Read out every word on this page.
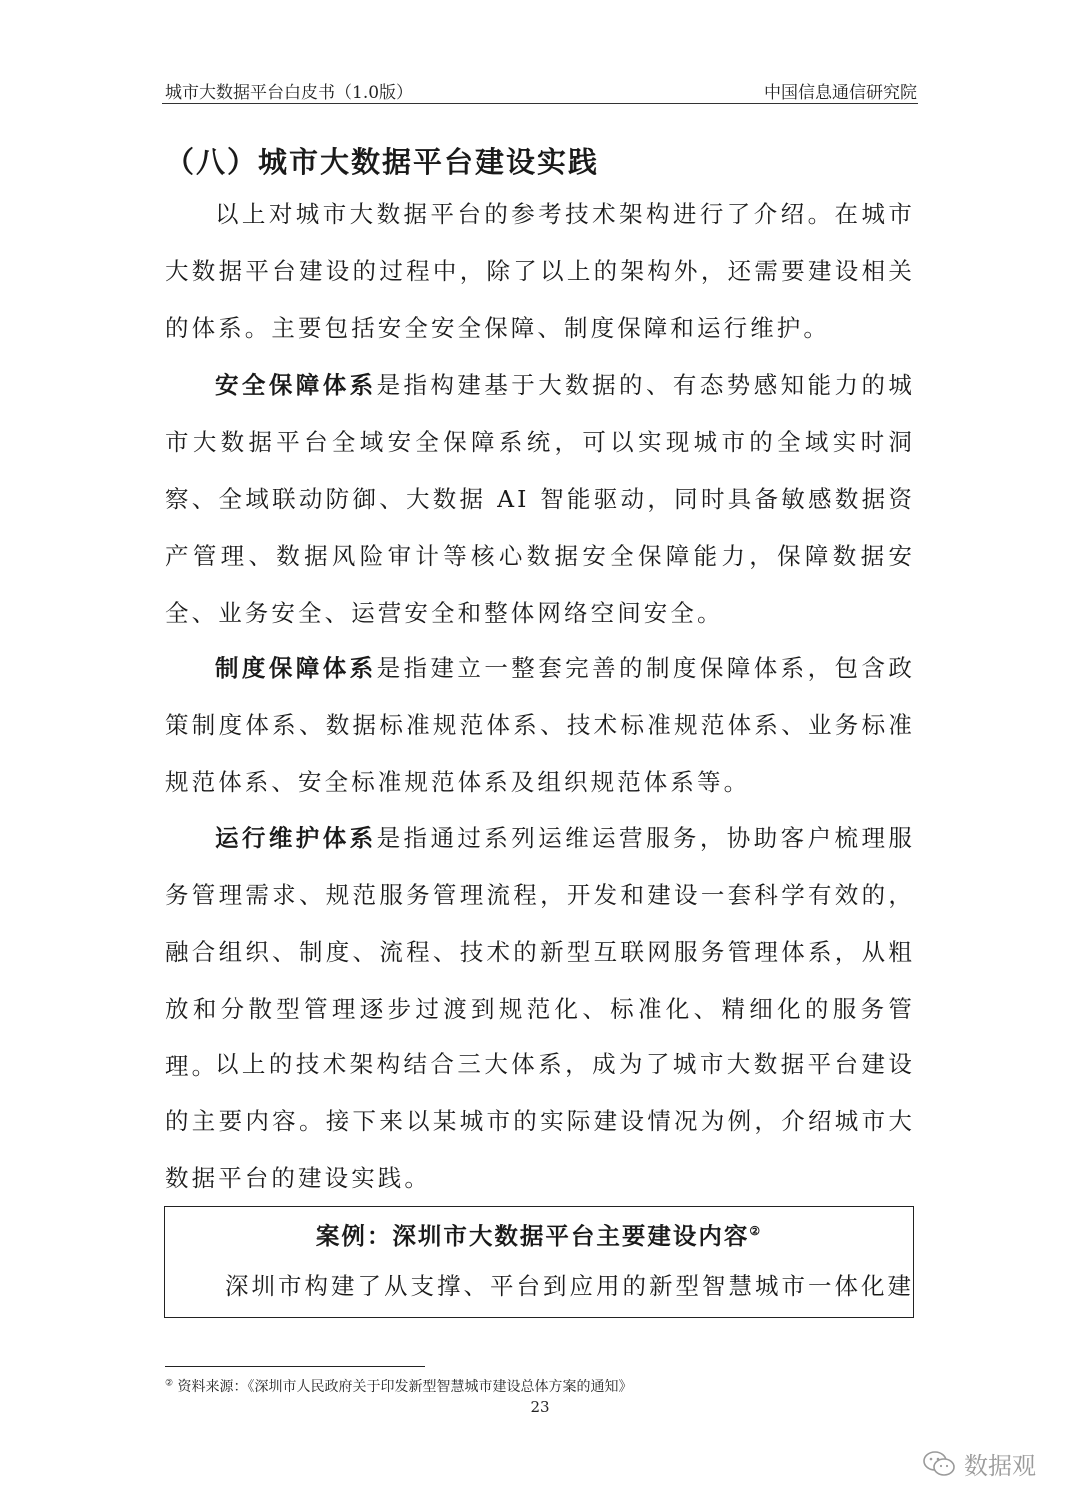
城市大数据平台白皮书（1.0版）	中国信息通信研究院
（八）城市大数据平台建设实践

以上对城市大数据平台的参考技术架构进行了介绍。在城市大数据平台建设的过程中，除了以上的架构外，还需要建设相关的体系。主要包括安全安全保障、制度保障和运行维护。

安全保障体系是指构建基于大数据的、有态势感知能力的城市大数据平台全域安全保障系统，可以实现城市的全域实时洞察、全域联动防御、大数据 AI 智能驱动，同时具备敏感数据资产管理、数据风险审计等核心数据安全保障能力，保障数据安全、业务安全、运营安全和整体网络空间安全。

制度保障体系是指建立一整套完善的制度保障体系，包含政策制度体系、数据标准规范体系、技术标准规范体系、业务标准规范体系、安全标准规范体系及组织规范体系等。

运行维护体系是指通过系列运维运营服务，协助客户梳理服务管理需求、规范服务管理流程，开发和建设一套科学有效的，融合组织、制度、流程、技术的新型互联网服务管理体系，从粗放和分散型管理逐步过渡到规范化、标准化、精细化的服务管理。

以上的技术架构结合三大体系，成为了城市大数据平台建设的主要内容。接下来以某城市的实际建设情况为例，介绍城市大数据平台的建设实践。

案例：深圳市大数据平台主要建设内容②
深圳市构建了从支撑、平台到应用的新型智慧城市一体化建
② 资料来源：《深圳市人民政府关于印发新型智慧城市建设总体方案的通知》
23
数据观
